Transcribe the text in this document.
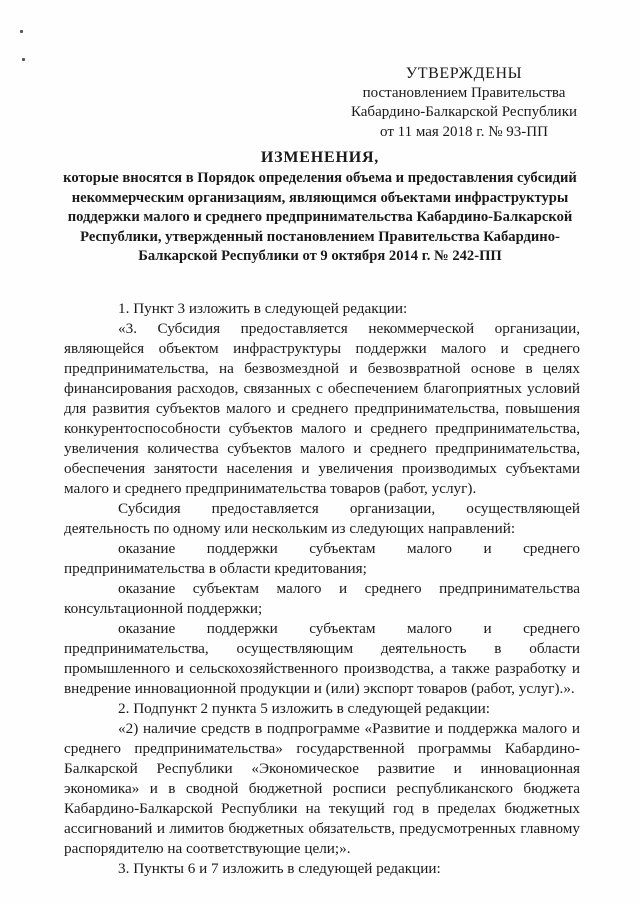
УТВЕРЖДЕНЫ
постановлением Правительства
Кабардино-Балкарской Республики
от 11 мая 2018 г. № 93-ПП
ИЗМЕНЕНИЯ,
которые вносятся в Порядок определения объема и предоставления субсидий некоммерческим организациям, являющимся объектами инфраструктуры поддержки малого и среднего предпринимательства Кабардино-Балкарской Республики, утвержденный постановлением Правительства Кабардино-Балкарской Республики от 9 октября 2014 г. № 242-ПП

1. Пункт 3 изложить в следующей редакции:

«3. Субсидия предоставляется некоммерческой организации, являющейся объектом инфраструктуры поддержки малого и среднего предпринимательства, на безвозмездной и безвозвратной основе в целях финансирования расходов, связанных с обеспечением благоприятных условий для развития субъектов малого и среднего предпринимательства, повышения конкурентоспособности субъектов малого и среднего предпринимательства, увеличения количества субъектов малого и среднего предпринимательства, обеспечения занятости населения и увеличения производимых субъектами малого и среднего предпринимательства товаров (работ, услуг).

Субсидия предоставляется организации, осуществляющей деятельность по одному или нескольким из следующих направлений:

оказание поддержки субъектам малого и среднего предпринимательства в области кредитования;

оказание субъектам малого и среднего предпринимательства консультационной поддержки;

оказание поддержки субъектам малого и среднего предпринимательства, осуществляющим деятельность в области промышленного и сельскохозяйственного производства, а также разработку и внедрение инновационной продукции и (или) экспорт товаров (работ, услуг).».

2. Подпункт 2 пункта 5 изложить в следующей редакции:

«2) наличие средств в подпрограмме «Развитие и поддержка малого и среднего предпринимательства» государственной программы Кабардино-Балкарской Республики «Экономическое развитие и инновационная экономика» и в сводной бюджетной росписи республиканского бюджета Кабардино-Балкарской Республики на текущий год в пределах бюджетных ассигнований и лимитов бюджетных обязательств, предусмотренных главному распорядителю на соответствующие цели;».

3. Пункты 6 и 7 изложить в следующей редакции:
